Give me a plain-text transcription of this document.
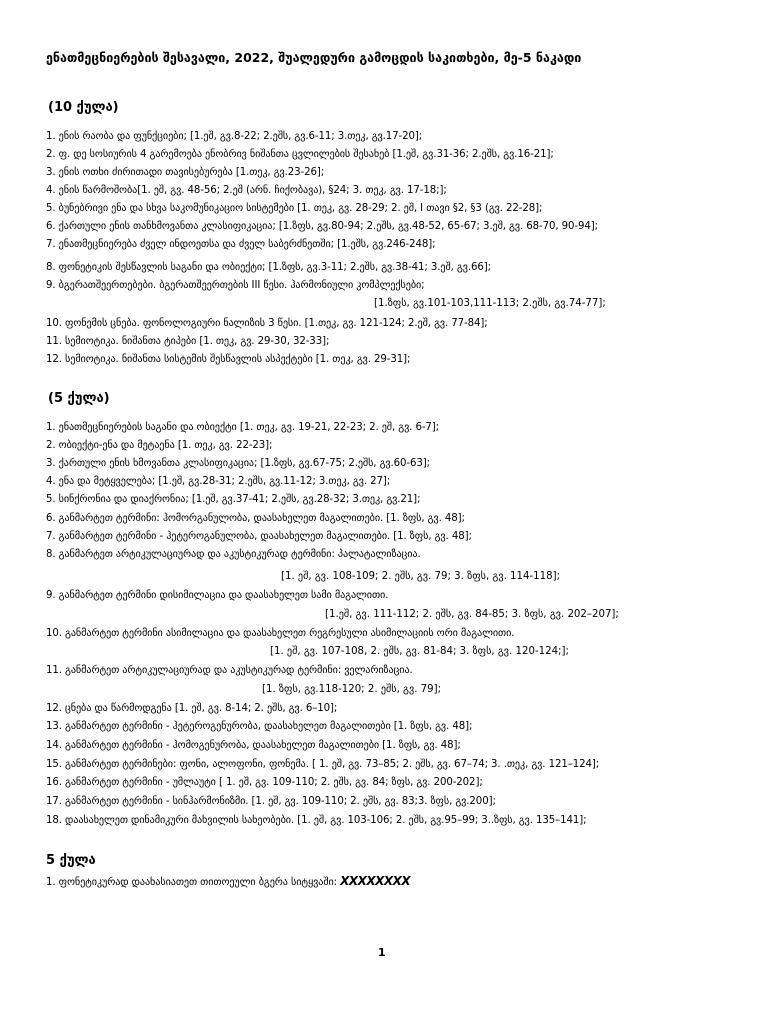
ენათმეცნიერების შესავალი, 2022, შუალედური გამოცდის საკითხები, მე-5 ნაკადი
(10 ქულა)
1. ენის რაობა და ფუნქციები; [1.ეშ, გვ.8-22; 2.ეშს, გვ.6-11; 3.თეკ, გვ.17-20];
2. ფ. დე სოსიურის 4 გარემოება ენობრივ ნიშანთა ცვლილების შესახებ [1.ეშ, გვ.31-36; 2.ეშს, გვ.16-21];
3. ენის ოთხი ძირითადი თავისებურება [1.თეკ, გვ.23-26];
4. ენის წარმოშობა[1. ეშ, გვ. 48-56; 2.ეშ (არნ. ჩიქობავა), §24; 3. თეკ, გვ. 17-18;];
5. ბუნებრივი ენა და სხვა საკომუნიკაციო სისტემები [1. თეკ, გვ. 28-29; 2. ეშ, I თავი §2, §3 (გვ. 22-28];
6. ქართული ენის თანხმოვანთა კლასიფიკაცია; [1.ზფს, გვ.80-94; 2.ეშს, გვ.48-52, 65-67; 3.ეშ, გვ. 68-70, 90-94];
7. ენათმეცნიერება ძველ ინდოეთსა და ძველ საბერძნეთში; [1.ეშს, გვ.246-248];
8. ფონეტიკის შესწავლის საგანი და ობიექტი; [1.ზფს, გვ.3-11; 2.ეშს, გვ.38-41; 3.ეშ, გვ.66];
9. ბგერათშეერთებები. ბგერათშეერთების III წესი. ჰარმონიული კომპლექსები;
[1.ზფს, გვ.101-103,111-113; 2.ეშს, გვ.74-77];
10. ფონემის ცნება. ფონოლოგიური ნალიზის 3 წესი. [1.თეკ, გვ. 121-124; 2.ეშ, გვ. 77-84];
11. სემიოტიკა. ნიშანთა ტიპები [1. თეკ, გვ. 29-30, 32-33];
12. სემიოტიკა. ნიშანთა სისტემის შესწავლის ასპექტები [1. თეკ, გვ. 29-31];
(5 ქულა)
1. ენათმეცნიერების საგანი და ობიექტი [1. თეკ, გვ. 19-21, 22-23; 2. ეშ, გვ. 6-7];
2. ობიექტი-ენა და მეტაენა [1. თეკ, გვ. 22-23];
3. ქართული ენის ხმოვანთა კლასიფიკაცია; [1.ზფს, გვ.67-75; 2.ეშს, გვ.60-63];
4. ენა და მეტყველება; [1.ეშ, გვ.28-31; 2.ეშს, გვ.11-12; 3.თეკ, გვ. 27];
5. სინქრონია და დიაქრონია; [1.ეშ, გვ.37-41; 2.ეშს, გვ.28-32; 3.თეკ, გვ.21];
6. განმარტეთ ტერმინი: ჰომორგანულობა, დაასახელეთ მაგალითები. [1. ზფს, გვ. 48];
7. განმარტეთ ტერმინი - ჰეტეროგანულობა, დაასახელეთ მაგალითები. [1. ზფს, გვ. 48];
8. განმარტეთ არტიკულაციურად და აკუსტიკურად ტერმინი: პალატალიზაცია.
[1. ეშ, გვ. 108-109; 2. ეშს, გვ. 79; 3. ზფს, გვ. 114-118];
9. განმარტეთ ტერმინი დისიმილაცია და დაასახელეთ სამი მაგალითი.
[1.ეშ, გვ. 111-112; 2. ეშს, გვ. 84-85; 3. ზფს, გვ. 202–207];
10. განმარტეთ ტერმინი ასიმილაცია და დაასახელეთ რეგრესული ასიმილაციის ორი მაგალითი.
[1. ეშ, გვ. 107-108, 2. ეშს, გვ. 81-84; 3. ზფს, გვ. 120-124;];
11. განმარტეთ არტიკულაციურად და აკუსტიკურად ტერმინი: ველარიზაცია.
[1. ზფს, გვ.118-120; 2. ეშს, გვ. 79];
12. ცნება და წარმოდგენა [1. ეშ, გვ. 8-14; 2. ეშს, გვ. 6–10];
13. განმარტეთ ტერმინი - ჰეტეროგენურობა, დაასახელეთ მაგალითები [1. ზფს, გვ. 48];
14. განმარტეთ ტერმინი - ჰომოგენურობა, დაასახელეთ მაგალითები [1. ზფს, გვ. 48];
15. განმარტეთ ტერმინები: ფონი, ალოფონი, ფონემა. [ 1. ეშ, გვ. 73–85; 2. ეშს, გვ. 67–74; 3. .თეკ, გვ. 121–124];
16. განმარტეთ ტერმინი - უმლაუტი [ 1. ეშ, გვ. 109-110; 2. ეშს, გვ. 84; ზფს, გვ. 200-202];
17. განმარტეთ ტერმინი - სინჰარმონიზმი. [1. ეშ, გვ. 109-110; 2. ეშს, გვ. 83;3. ზფს, გვ.200];
18. დაასახელეთ დინამიკური მახვილის სახეობები. [1. ეშ, გვ. 103-106; 2. ეშს, გვ.95–99; 3..ზფს, გვ. 135–141];
5 ქულა
1. ფონეტიკურად დაახასიათეთ თითოეული ბგერა სიტყვაში: XXXXXXXX
1
